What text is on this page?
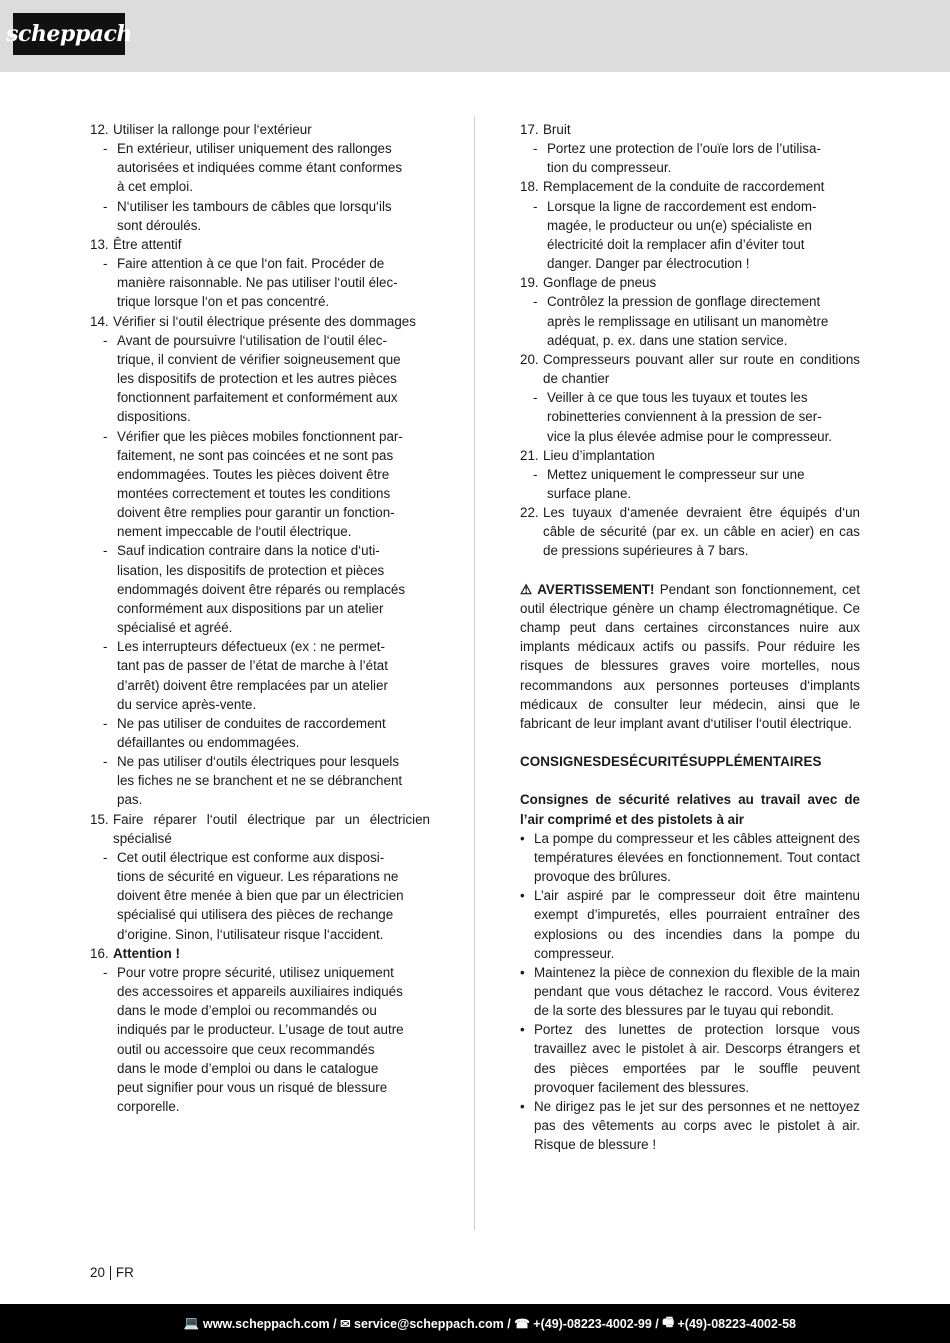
scheppach
12. Utiliser la rallonge pour l‘extérieur
- En extérieur, utiliser uniquement des rallonges
autorisées et indiquées comme étant conformes
à cet emploi.
- N‘utiliser les tambours de câbles que lorsqu‘ils
sont déroulés.
13. Être attentif
- Faire attention à ce que l‘on fait. Procéder de
manière raisonnable. Ne pas utiliser l‘outil élec-
trique lorsque l‘on et pas concentré.
14. Vérifier si l‘outil électrique présente des dommages
- Avant de poursuivre l‘utilisation de l‘outil élec-
trique, il convient de vérifier soigneusement que
les dispositifs de protection et les autres pièces
fonctionnent parfaitement et conformément aux
dispositions.
- Vérifier que les pièces mobiles fonctionnent par-
faitement, ne sont pas coincées et ne sont pas
endommagées. Toutes les pièces doivent être
montées correctement et toutes les conditions
doivent être remplies pour garantir un fonction-
nement impeccable de l‘outil électrique.
- Sauf indication contraire dans la notice d‘uti-
lisation, les dispositifs de protection et pièces
endommagés doivent être réparés ou remplacés
conformément aux dispositions par un atelier
spécialisé et agréé.
- Les interrupteurs défectueux (ex : ne permet-
tant pas de passer de l’état de marche à l’état
d’arrêt) doivent être remplacées par un atelier
du service après-vente.
- Ne pas utiliser de conduites de raccordement
défaillantes ou endommagées.
- Ne pas utiliser d‘outils électriques pour lesquels
les fiches ne se branchent et ne se débranchent
pas.
15. Faire réparer l‘outil électrique par un électricien spécialisé
- Cet outil électrique est conforme aux disposi-
tions de sécurité en vigueur. Les réparations ne
doivent être menée à bien que par un électricien
spécialisé qui utilisera des pièces de rechange
d‘origine. Sinon, l‘utilisateur risque l‘accident.
16. Attention !
- Pour votre propre sécurité, utilisez uniquement
des accessoires et appareils auxiliaires indiqués
dans le mode d’emploi ou recommandés ou
indiqués par le producteur. L’usage de tout autre
outil ou accessoire que ceux recommandés
dans le mode d’emploi ou dans le catalogue
peut signifier pour vous un risqué de blessure
corporelle.
17. Bruit
- Portez une protection de l’ouïe lors de l’utilisa-
tion du compresseur.
18. Remplacement de la conduite de raccordement
- Lorsque la ligne de raccordement est endom-
magée, le producteur ou un(e) spécialiste en
électricité doit la remplacer afin d’éviter tout
danger. Danger par électrocution !
19. Gonflage de pneus
- Contrôlez la pression de gonflage directement
après le remplissage en utilisant un manomètre
adéquat, p. ex. dans une station service.
20. Compresseurs pouvant aller sur route en conditions de chantier
- Veiller à ce que tous les tuyaux et toutes les
robinetteries conviennent à la pression de ser-
vice la plus élevée admise pour le compresseur.
21. Lieu d’implantation
- Mettez uniquement le compresseur sur une
surface plane.
22. Les tuyaux d‘amenée devraient être équipés d‘un câble de sécurité (par ex. un câble en acier) en cas de pressions supérieures à 7 bars.
⚠ AVERTISSEMENT! Pendant son fonctionnement, cet outil électrique génère un champ électromagnétique. Ce champ peut dans certaines circonstances nuire aux implants médicaux actifs ou passifs. Pour réduire les risques de blessures graves voire mortelles, nous recommandons aux personnes porteuses d‘implants médicaux de consulter leur médecin, ainsi que le fabricant de leur implant avant d‘utiliser l‘outil électrique.
CONSIGNESDESÉCURITÉSUPPLÉMENTAIRES
Consignes de sécurité relatives au travail avec de l’air comprimé et des pistolets à air
• La pompe du compresseur et les câbles atteignent des températures élevées en fonctionnement. Tout contact provoque des brûlures.
• L’air aspiré par le compresseur doit être maintenu exempt d’impuretés, elles pourraient entraîner des explosions ou des incendies dans la pompe du compresseur.
• Maintenez la pièce de connexion du flexible de la main pendant que vous détachez le raccord. Vous éviterez de la sorte des blessures par le tuyau qui rebondit.
• Portez des lunettes de protection lorsque vous travaillez avec le pistolet à air. Descorps étrangers et des pièces emportées par le souffle peuvent provoquer facilement des blessures.
• Ne dirigez pas le jet sur des personnes et ne nettoyez pas des vêtements au corps avec le pistolet à air. Risque de blessure !
20 FR
💻
www.scheppach.com / ✉
service@scheppach.com / ☎
+(49)-08223-4002-99 / 🖷
+(49)-08223-4002-58
